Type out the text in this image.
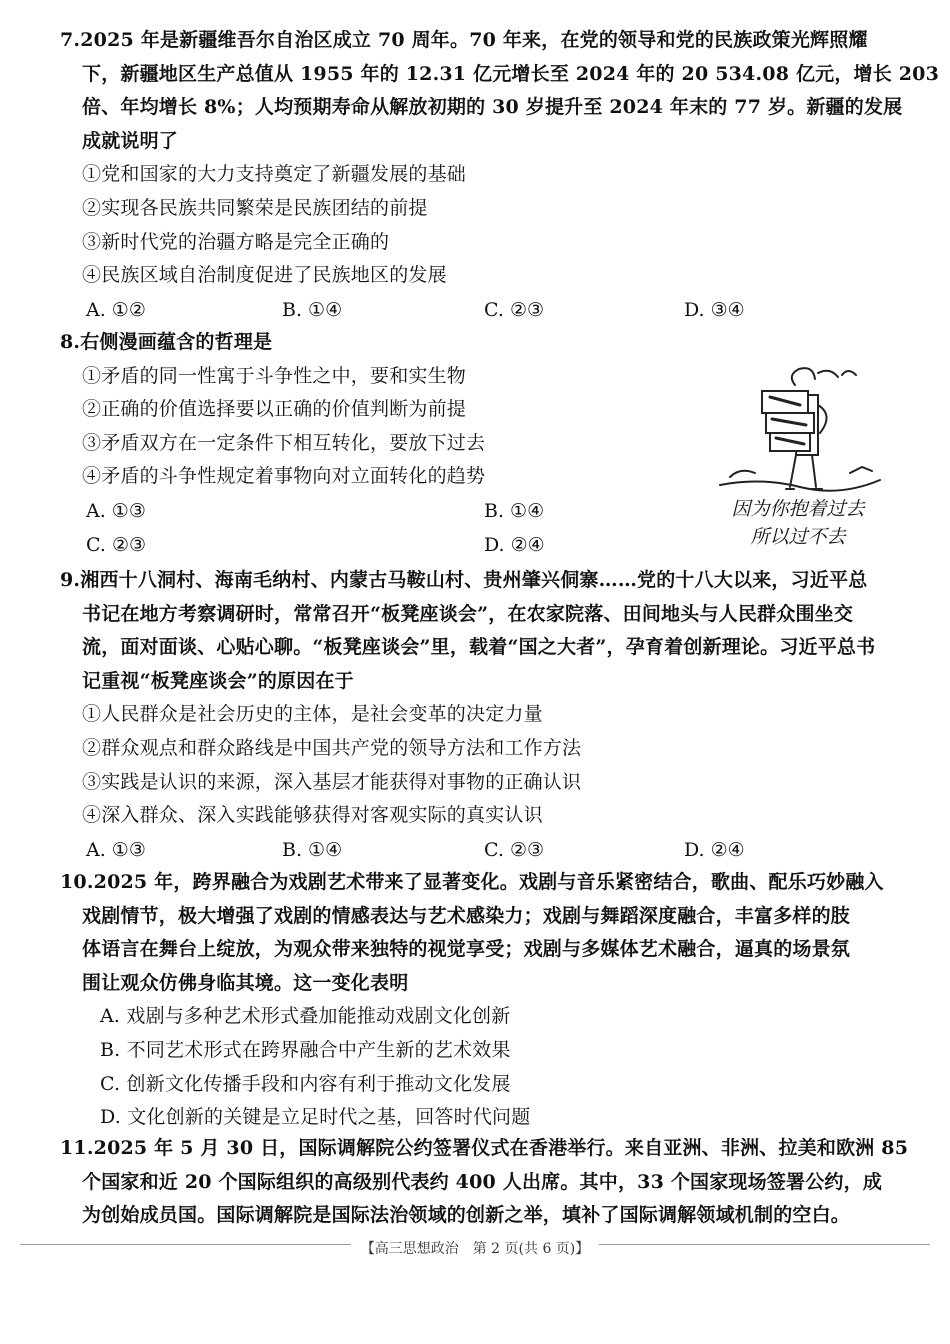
7.2025 年是新疆维吾尔自治区成立 70 周年。70 年来，在党的领导和党的民族政策光辉照耀
下，新疆地区生产总值从 1955 年的 12.31 亿元增长至 2024 年的 20 534.08 亿元，增长 203
倍、年均增长 8%；人均预期寿命从解放初期的 30 岁提升至 2024 年末的 77 岁。新疆的发展
成就说明了
①党和国家的大力支持奠定了新疆发展的基础
②实现各民族共同繁荣是民族团结的前提
③新时代党的治疆方略是完全正确的
④民族区域自治制度促进了民族地区的发展
A. ①②	B. ①④	C. ②③	D. ③④
8.右侧漫画蕴含的哲理是
①矛盾的同一性寓于斗争性之中，要和实生物
②正确的价值选择要以正确的价值判断为前提
③矛盾双方在一定条件下相互转化，要放下过去
④矛盾的斗争性规定着事物向对立面转化的趋势
A. ①③	B. ①④
C. ②③	D. ②④
因为你抱着过去
所以过不去
9.湘西十八洞村、海南毛纳村、内蒙古马鞍山村、贵州肇兴侗寨……党的十八大以来，习近平总
书记在地方考察调研时，常常召开“板凳座谈会”，在农家院落、田间地头与人民群众围坐交
流，面对面谈、心贴心聊。“板凳座谈会”里，载着“国之大者”，孕育着创新理论。习近平总书
记重视“板凳座谈会”的原因在于
①人民群众是社会历史的主体，是社会变革的决定力量
②群众观点和群众路线是中国共产党的领导方法和工作方法
③实践是认识的来源，深入基层才能获得对事物的正确认识
④深入群众、深入实践能够获得对客观实际的真实认识
A. ①③	B. ①④	C. ②③	D. ②④
10.2025 年，跨界融合为戏剧艺术带来了显著变化。戏剧与音乐紧密结合，歌曲、配乐巧妙融入
戏剧情节，极大增强了戏剧的情感表达与艺术感染力；戏剧与舞蹈深度融合，丰富多样的肢
体语言在舞台上绽放，为观众带来独特的视觉享受；戏剧与多媒体艺术融合，逼真的场景氛
围让观众仿佛身临其境。这一变化表明
A. 戏剧与多种艺术形式叠加能推动戏剧文化创新
B. 不同艺术形式在跨界融合中产生新的艺术效果
C. 创新文化传播手段和内容有利于推动文化发展
D. 文化创新的关键是立足时代之基，回答时代问题
11.2025 年 5 月 30 日，国际调解院公约签署仪式在香港举行。来自亚洲、非洲、拉美和欧洲 85
个国家和近 20 个国际组织的高级别代表约 400 人出席。其中，33 个国家现场签署公约，成
为创始成员国。国际调解院是国际法治领域的创新之举，填补了国际调解领域机制的空白。
【高三思想政治　第 2 页(共 6 页)】
